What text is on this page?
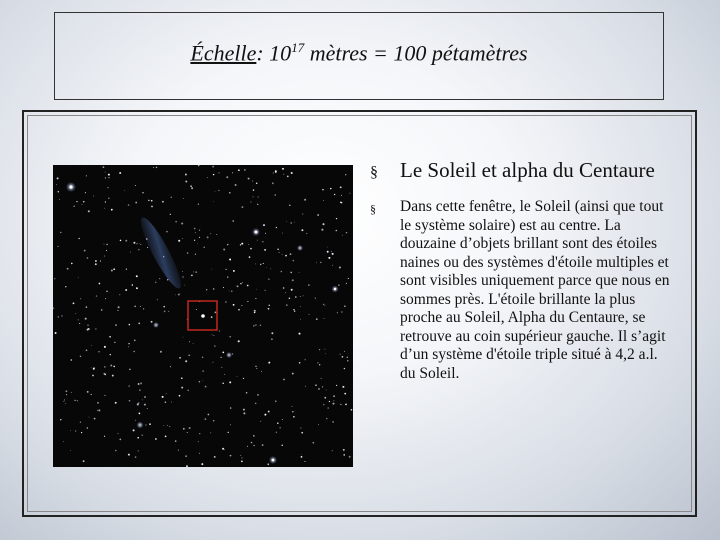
Échelle: $10^{17}$ mètres = 100 pétamètres
§ Le Soleil et alpha du Centaure
§ Dans cette fenêtre, le Soleil (ainsi que tout le système solaire) est au centre. La douzaine d’objets brillant sont des étoiles naines ou des systèmes d'étoile multiples et sont visibles uniquement parce que nous en sommes près. L'étoile brillante la plus proche au Soleil, Alpha du Centaure, se retrouve au coin supérieur gauche. Il s’agit d’un système d'étoile triple situé à 4,2 a.l. du Soleil.
